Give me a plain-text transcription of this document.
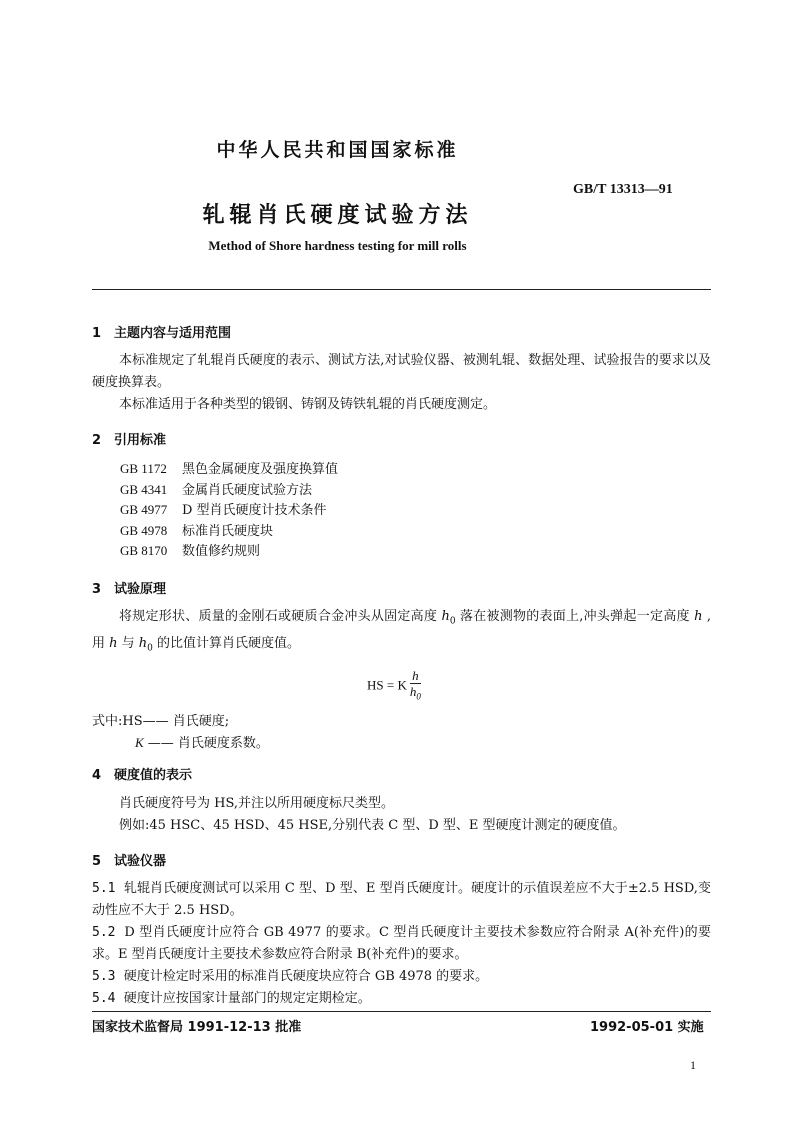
中华人民共和国国家标准
GB/T 13313—91
轧辊肖氏硬度试验方法
Method of Shore hardness testing for mill rolls
1 主题内容与适用范围
本标准规定了轧辊肖氏硬度的表示、测试方法,对试验仪器、被测轧辊、数据处理、试验报告的要求以及硬度换算表。
本标准适用于各种类型的锻钢、铸钢及铸铁轧辊的肖氏硬度测定。
2 引用标准
GB 1172 黑色金属硬度及强度换算值
GB 4341 金属肖氏硬度试验方法
GB 4977 D 型肖氏硬度计技术条件
GB 4978 标准肖氏硬度块
GB 8170 数值修约规则
3 试验原理
将规定形状、质量的金刚石或硬质合金冲头从固定高度 $h_0$ 落在被测物的表面上,冲头弹起一定高度 h ,用 h 与 $h_0$ 的比值计算肖氏硬度值。
HS = K $\frac{h}{h_0}$
式中:HS—— 肖氏硬度;
K —— 肖氏硬度系数。
4 硬度值的表示
肖氏硬度符号为 HS,并注以所用硬度标尺类型。
例如:45 HSC、45 HSD、45 HSE,分别代表 C 型、D 型、E 型硬度计测定的硬度值。
5 试验仪器
5.1 轧辊肖氏硬度测试可以采用 C 型、D 型、E 型肖氏硬度计。硬度计的示值误差应不大于±2.5 HSD,变动性应不大于 2.5 HSD。
5.2 D 型肖氏硬度计应符合 GB 4977 的要求。C 型肖氏硬度计主要技术参数应符合附录 A(补充件)的要求。E 型肖氏硬度计主要技术参数应符合附录 B(补充件)的要求。
5.3 硬度计检定时采用的标准肖氏硬度块应符合 GB 4978 的要求。
5.4 硬度计应按国家计量部门的规定定期检定。
国家技术监督局 1991-12-13 批准	1992-05-01 实施
1
